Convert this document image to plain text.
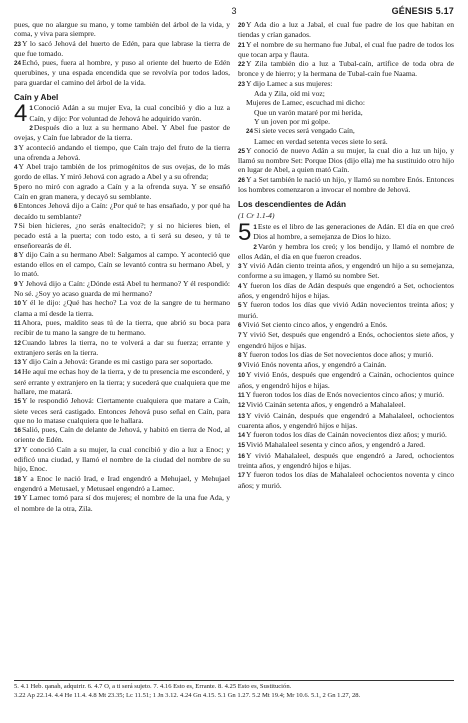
3	GÉNESIS 5.17

pues, que no alargue su mano, y tome también del árbol de la vida, y coma, y viva para siempre.

23Y lo sacó Jehová del huerto de Edén, para que labrase la tierra de que fue tomado.

24Echó, pues, fuera al hombre, y puso al oriente del huerto de Edén querubines, y una espada encendida que se revolvía por todos lados, para guardar el camino del árbol de la vida.

Caín y Abel

4 1Conoció Adán a su mujer Eva, la cual concibió y dio a luz a Caín, y dijo: Por voluntad de Jehová he adquirido varón.

2Después dio a luz a su hermano Abel. Y Abel fue pastor de ovejas, y Caín fue labrador de la tierra.

3Y aconteció andando el tiempo, que Caín trajo del fruto de la tierra una ofrenda a Jehová.

4Y Abel trajo también de los primogénitos de sus ovejas, de lo más gordo de ellas. Y miró Jehová con agrado a Abel y a su ofrenda;

5pero no miró con agrado a Caín y a la ofrenda suya. Y se ensañó Caín en gran manera, y decayó su semblante.

6Entonces Jehová dijo a Caín: ¿Por qué te has ensañado, y por qué ha decaído tu semblante?

7Si bien hicieres, ¿no serás enaltecido?; y si no hicieres bien, el pecado está a la puerta; con todo esto, a ti será su deseo, y tú te enseñorearás de él.

8Y dijo Caín a su hermano Abel: Salgamos al campo. Y aconteció que estando ellos en el campo, Caín se levantó contra su hermano Abel, y lo mató.

9Y Jehová dijo a Caín: ¿Dónde está Abel tu hermano? Y él respondió: No sé. ¿Soy yo acaso guarda de mi hermano?

10Y él le dijo: ¿Qué has hecho? La voz de la sangre de tu hermano clama a mí desde la tierra.

11Ahora, pues, maldito seas tú de la tierra, que abrió su boca para recibir de tu mano la sangre de tu hermano.

12Cuando labres la tierra, no te volverá a dar su fuerza; errante y extranjero serás en la tierra.

13Y dijo Caín a Jehová: Grande es mi castigo para ser soportado.

14He aquí me echas hoy de la tierra, y de tu presencia me esconderé, y seré errante y extranjero en la tierra; y sucederá que cualquiera que me hallare, me matará.

15Y le respondió Jehová: Ciertamente cualquiera que matare a Caín, siete veces será castigado. Entonces Jehová puso señal en Caín, para que no lo matase cualquiera que le hallara.

16Salió, pues, Caín de delante de Jehová, y habitó en tierra de Nod, al oriente de Edén.

17Y conoció Caín a su mujer, la cual concibió y dio a luz a Enoc; y edificó una ciudad, y llamó el nombre de la ciudad del nombre de su hijo, Enoc.

18Y a Enoc le nació Irad, e Irad engendró a Mehujael, y Mehujael engendró a Metusael, y Metusael engendró a Lamec.

19Y Lamec tomó para sí dos mujeres; el nombre de la una fue Ada, y el nombre de la otra, Zila.

20Y Ada dio a luz a Jabal, el cual fue padre de los que habitan en tiendas y crían ganados.

21Y el nombre de su hermano fue Jubal, el cual fue padre de todos los que tocan arpa y flauta.

22Y Zila también dio a luz a Tubal-caín, artífice de toda obra de bronce y de hierro; y la hermana de Tubal-caín fue Naama.

23Y dijo Lamec a sus mujeres:

Ada y Zila, oíd mi voz;

Mujeres de Lamec, escuchad mi dicho:

Que un varón mataré por mi herida,

Y un joven por mi golpe.

24Si siete veces será vengado Caín,

Lamec en verdad setenta veces siete lo será.

25Y conoció de nuevo Adán a su mujer, la cual dio a luz un hijo, y llamó su nombre Set: Porque Dios (dijo ella) me ha sustituido otro hijo en lugar de Abel, a quien mató Caín.

26Y a Set también le nació un hijo, y llamó su nombre Enós. Entonces los hombres comenzaron a invocar el nombre de Jehová.

Los descendientes de Adán

(1 Cr 1.1-4)

5 1Este es el libro de las generaciones de Adán. El día en que creó Dios al hombre, a semejanza de Dios lo hizo.

2Varón y hembra los creó; y los bendijo, y llamó el nombre de ellos Adán, el día en que fueron creados.

3Y vivió Adán ciento treinta años, y engendró un hijo a su semejanza, conforme a su imagen, y llamó su nombre Set.

4Y fueron los días de Adán después que engendró a Set, ochocientos años, y engendró hijos e hijas.

5Y fueron todos los días que vivió Adán novecientos treinta años; y murió.

6Vivió Set ciento cinco años, y engendró a Enós.

7Y vivió Set, después que engendró a Enós, ochocientos siete años, y engendró hijos e hijas.

8Y fueron todos los días de Set novecientos doce años; y murió.

9Vivió Enós noventa años, y engendró a Cainán.

10Y vivió Enós, después que engendró a Cainán, ochocientos quince años, y engendró hijos e hijas.

11Y fueron todos los días de Enós novecientos cinco años; y murió.

12Vivió Cainán setenta años, y engendró a Mahalaleel.

13Y vivió Cainán, después que engendró a Mahalaleel, ochocientos cuarenta años, y engendró hijos e hijas.

14Y fueron todos los días de Cainán novecientos diez años; y murió.

15Vivió Mahalaleel sesenta y cinco años, y engendró a Jared.

16Y vivió Mahalaleel, después que engendró a Jared, ochocientos treinta años, y engendró hijos e hijas.

17Y fueron todos los días de Mahalaleel ochocientos noventa y cinco años; y murió.

5. 4.1 Heb. qanah, adquirir. 6. 4.7 O, a ti será sujeto. 7. 4.16 Esto es, Errante. 8. 4.25 Esto es, Sustitución.
3.22 Ap 22.14. 4.4 He 11.4. 4.8 Mt 23.35; Lc 11.51; 1 Jn 3.12. 4.24 Gn 4.15. 5.1 Gn 1.27. 5.2 Mt 19.4; Mr 10.6. 5.1, 2 Gn 1.27, 28.
